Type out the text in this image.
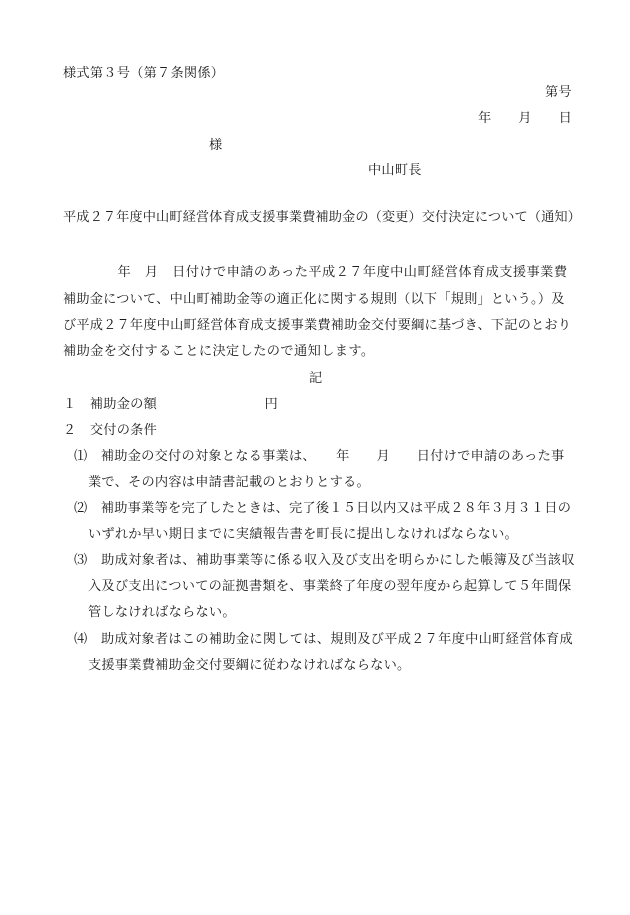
様式第３号（第７条関係）
第号
年　　月　　日
様
中山町長
平成２７年度中山町経営体育成支援事業費補助金の（変更）交付決定について（通知）
　　　　年　月　日付けで申請のあった平成２７年度中山町経営体育成支援事業費
補助金について、中山町補助金等の適正化に関する規則（以下「規則」という。）及
び平成２７年度中山町経営体育成支援事業費補助金交付要綱に基づき、下記のとおり
補助金を交付することに決定したので通知します。
記
１　補助金の額　　　　　　　　円
２　交付の条件
⑴　補助金の交付の対象となる事業は、　　年　　月　　日付けで申請のあった事
業で、その内容は申請書記載のとおりとする。
⑵　補助事業等を完了したときは、完了後１５日以内又は平成２８年３月３１日の
いずれか早い期日までに実績報告書を町長に提出しなければならない。
⑶　助成対象者は、補助事業等に係る収入及び支出を明らかにした帳簿及び当該収
入及び支出についての証拠書類を、事業終了年度の翌年度から起算して５年間保
管しなければならない。
⑷　助成対象者はこの補助金に関しては、規則及び平成２７年度中山町経営体育成
支援事業費補助金交付要綱に従わなければならない。
